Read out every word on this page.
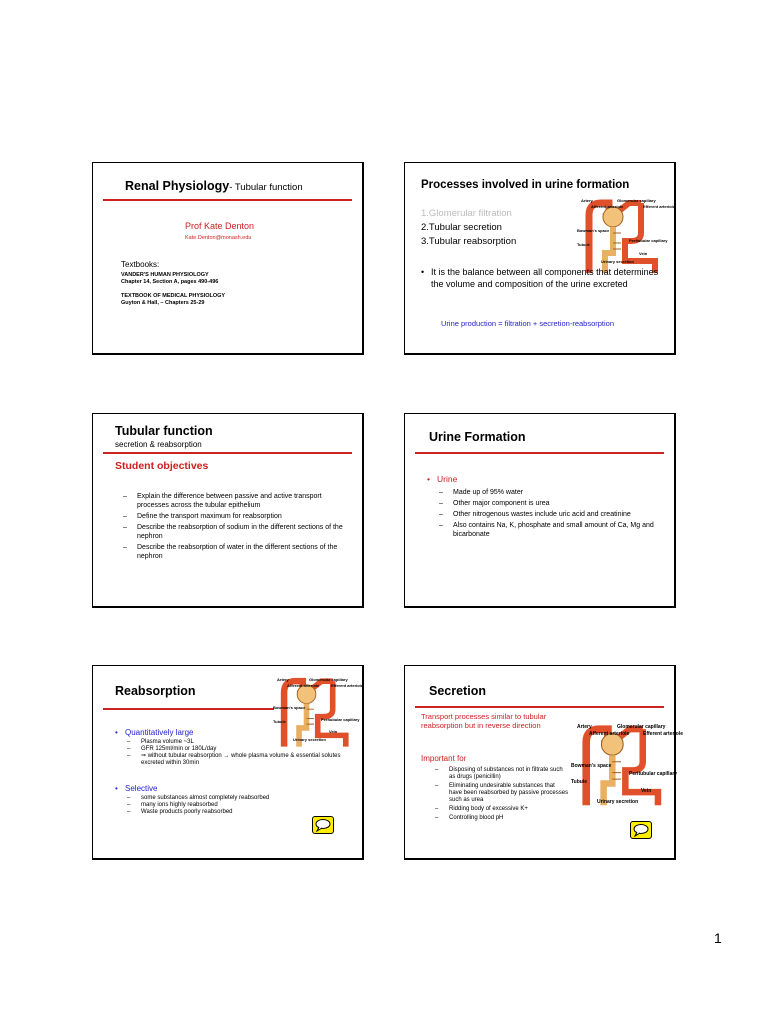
Renal Physiology- Tubular function
Prof Kate Denton
Kate.Denton@monash.edu
Textbooks:
VANDER'S HUMAN PHYSIOLOGY
Chapter 14, Section A, pages 490-496
TEXTBOOK OF MEDICAL PHYSIOLOGY
Guyton & Hall, – Chapters 25-29
Processes involved in urine formation
1.Glomerular filtration
2.Tubular secretion
3.Tubular reabsorption
Artery
Afferent arteriole
Glomerular capillary
Efferent arteriole
Bowman's space
Tubule
Peritubular capillary
Vein
Urinary secretion
• It is the balance between all components that determines the volume and composition of the urine excreted
Urine production = filtration + secretion-reabsorption
Tubular function
secretion & reabsorption
Student objectives
– Explain the difference between passive and active transport processes across the tubular epithelium
– Define the transport maximum for reabsorption
– Describe the reabsorption of sodium in the different sections of the nephron
– Describe the reabsorption of water in the different sections of the nephron
Urine Formation
• Urine
– Made up of 95% water
– Other major component is urea
– Other nitrogenous wastes include uric acid and creatinine
– Also contains Na, K, phosphate and small amount of Ca, Mg and bicarbonate
Reabsorption
Artery
Afferent arteriole
Glomerular capillary
Efferent arteriole
Bowman's space
Tubule	Peritubular capillary
Vein
Urinary secretion
• Quantitatively large
– Plasma volume ~3L
– GFR 125ml/min or 180L/day
– ⇒ without tubular reabsorption → whole plasma volume & essential solutes excreted within 30min
• Selective
– some substances almost completely reabsorbed
– many ions highly reabsorbed
– Waste products poorly reabsorbed
Secretion
Transport processes similar to tubular reabsorption but in reverse direction
Important for
– Disposing of substances not in filtrate such as drugs (penicillin)
– Eliminating undesirable substances that have been reabsorbed by passive processes such as urea
– Ridding body of excessive K+
– Controlling blood pH
Artery
Afferent arteriole
Glomerular capillary
Efferent arteriole
Bowman's space
Tubule
Peritubular capillary
Vein
Urinary secretion
1
